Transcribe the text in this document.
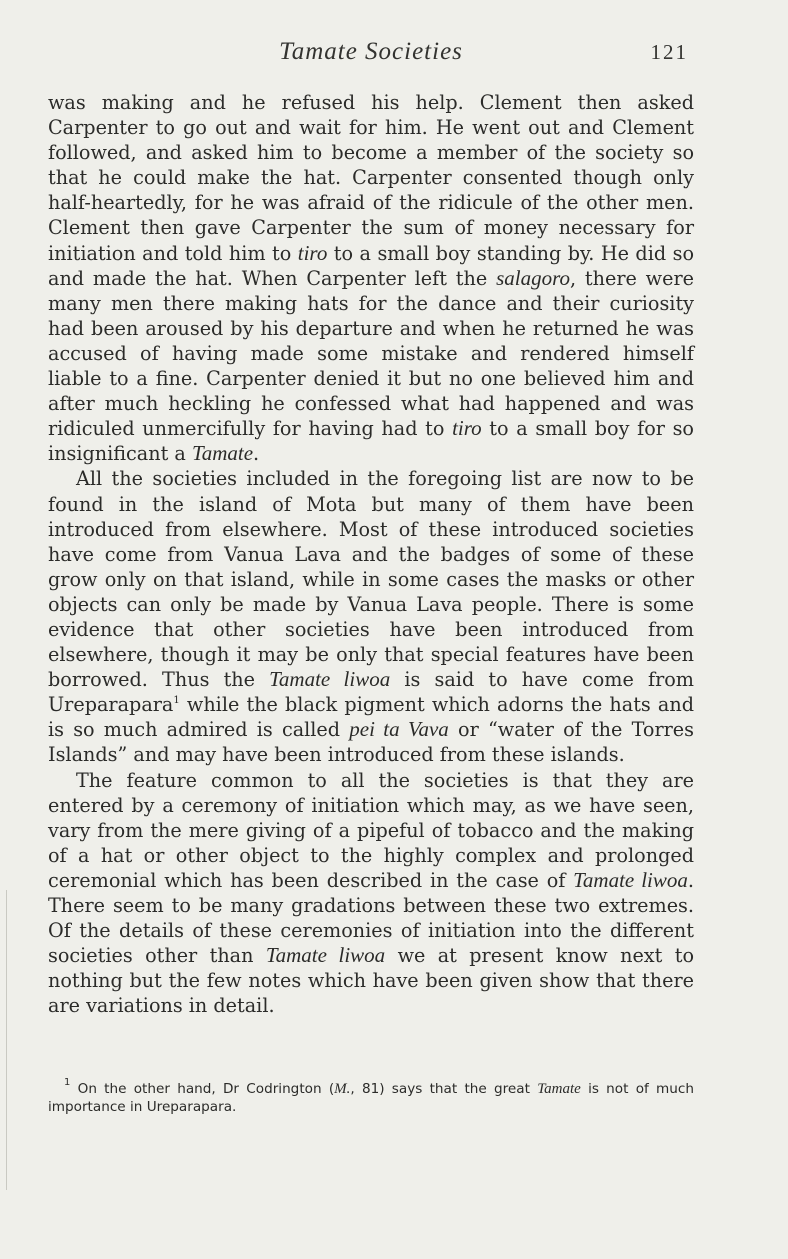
Tamate Societies	121

was making and he refused his help. Clement then asked Carpenter to go out and wait for him. He went out and Clement followed, and asked him to become a member of the society so that he could make the hat. Carpenter consented though only half-heartedly, for he was afraid of the ridicule of the other men. Clement then gave Carpenter the sum of money necessary for initiation and told him to tiro to a small boy standing by. He did so and made the hat. When Carpenter left the salagoro, there were many men there making hats for the dance and their curiosity had been aroused by his departure and when he returned he was accused of having made some mistake and rendered himself liable to a fine. Carpenter denied it but no one believed him and after much heckling he confessed what had happened and was ridiculed unmercifully for having had to tiro to a small boy for so insignificant a Tamate.

All the societies included in the foregoing list are now to be found in the island of Mota but many of them have been introduced from elsewhere. Most of these introduced societies have come from Vanua Lava and the badges of some of these grow only on that island, while in some cases the masks or other objects can only be made by Vanua Lava people. There is some evidence that other societies have been introduced from elsewhere, though it may be only that special features have been borrowed. Thus the Tamate liwoa is said to have come from Ureparapara$^1$ while the black pigment which adorns the hats and is so much admired is called pei ta Vava or “water of the Torres Islands” and may have been introduced from these islands.

The feature common to all the societies is that they are entered by a ceremony of initiation which may, as we have seen, vary from the mere giving of a pipeful of tobacco and the making of a hat or other object to the highly complex and prolonged ceremonial which has been described in the case of Tamate liwoa. There seem to be many gradations between these two extremes. Of the details of these ceremonies of initiation into the different societies other than Tamate liwoa we at present know next to nothing but the few notes which have been given show that there are variations in detail.

$^1$ On the other hand, Dr Codrington (M., 81) says that the great Tamate is not of much importance in Ureparapara.
